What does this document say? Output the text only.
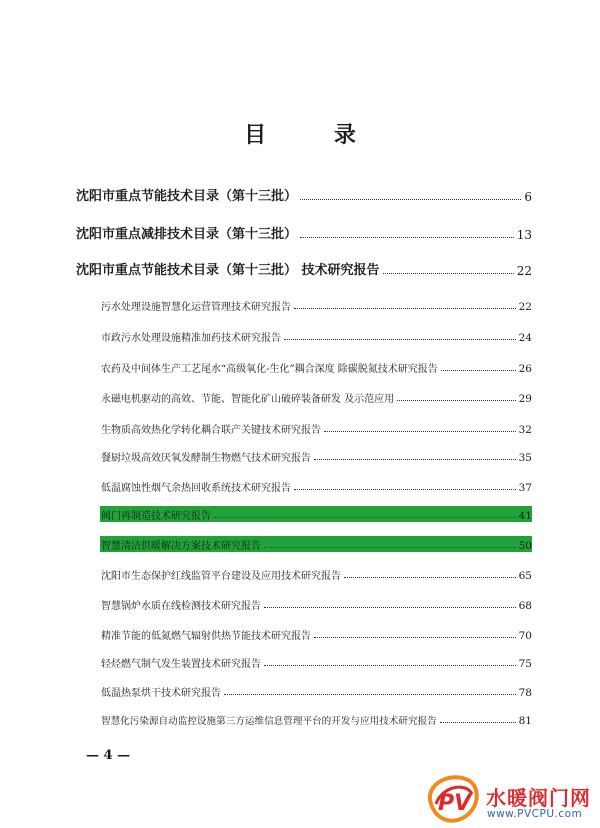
目 录
沈阳市重点节能技术目录（第十三批）	6
沈阳市重点减排技术目录（第十三批）	13
沈阳市重点节能技术目录（第十三批） 技术研究报告	22
污水处理设施智慧化运营管理技术研究报告	22
市政污水处理设施精准加药技术研究报告	24
农药及中间体生产工艺尾水“高级氧化-生化”耦合深度 除碳脱氮技术研究报告	26
永磁电机驱动的高效、节能、智能化矿山破碎装备研发 及示范应用	29
生物质高效热化学转化耦合联产关键技术研究报告	32
餐厨垃圾高效厌氧发酵制生物燃气技术研究报告	35
低温腐蚀性烟气余热回收系统技术研究报告	37
阀门再制造技术研究报告	41
智慧清洁供暖解决方案技术研究报告	50
沈阳市生态保护红线监管平台建设及应用技术研究报告	65
智慧锅炉水质在线检测技术研究报告	68
精准节能的低氮燃气辐射供热节能技术研究报告	70
轻烃燃气制气发生装置技术研究报告	75
低温热泵烘干技术研究报告	78
智慧化污染源自动监控设施第三方运维信息管理平台的开发与应用技术研究报告	81
— 4 —
PV 水暖阀门网
www.PVCPU.com
